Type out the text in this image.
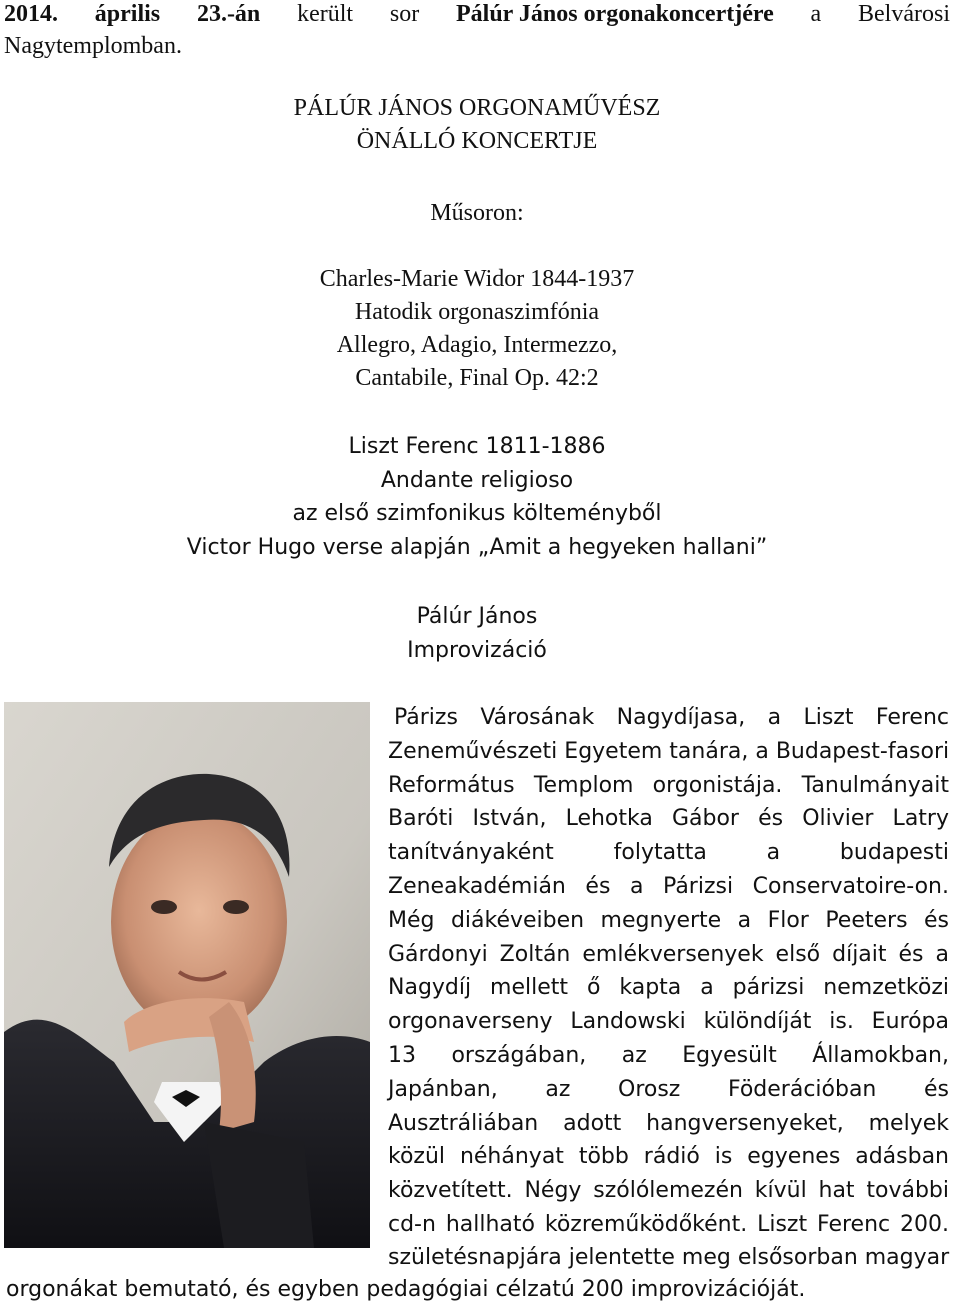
2014. április 23.-án került sor Pálúr János orgonakoncertjére a Belvárosi
Nagytemplomban.
PÁLÚR JÁNOS ORGONAMŰVÉSZ
ÖNÁLLÓ KONCERTJE
Műsoron:
Charles-Marie Widor 1844-1937
Hatodik orgonaszimfónia
Allegro, Adagio, Intermezzo,
Cantabile, Final Op. 42:2
Liszt Ferenc 1811-1886
Andante religioso
az első szimfonikus költeményből
Victor Hugo verse alapján „Amit a hegyeken hallani”
Pálúr János
Improvizáció
Párizs Városának Nagydíjasa, a Liszt Ferenc
Zeneművészeti Egyetem tanára, a Budapest-fasori
Református Templom orgonistája. Tanulmányait
Baróti István, Lehotka Gábor és Olivier Latry
tanítványaként folytatta a budapesti
Zeneakadémián és a Párizsi Conservatoire-on.
Még diákéveiben megnyerte a Flor Peeters és
Gárdonyi Zoltán emlékversenyek első díjait és a
Nagydíj mellett ő kapta a párizsi nemzetközi
orgonaverseny Landowski különdíját is. Európa
13 országában, az Egyesült Államokban,
Japánban, az Orosz Föderációban és
Ausztráliában adott hangversenyeket, melyek
közül néhányat több rádió is egyenes adásban
közvetített. Négy szólólemezén kívül hat további
cd-n hallható közreműködőként. Liszt Ferenc 200.
születésnapjára jelentette meg elsősorban magyar
orgonákat bemutató, és egyben pedagógiai célzatú 200 improvizációját.
